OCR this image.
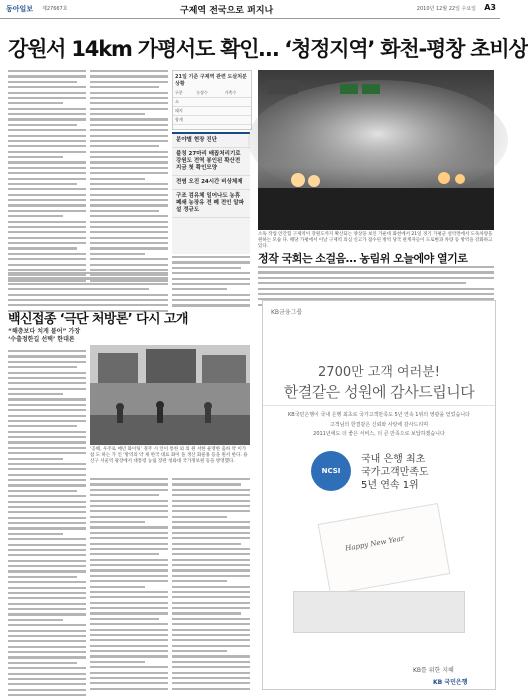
동아일보 제27667호	구제역 전국으로 퍼지나	2010년 12월 22일 수요일 A3
강원서 14km 가평서도 확인… ‘청정지역’ 화천-평창 초비상
21일 기준 구제역 관련 도살처분 상황
구분	농장수	가축수
소		
돼지		
합계		
분야별 현장 진단
불칭 27마리 배꼽처리기로 강원도 전역 봉인된 확산전 지금 첫 확인모양
전염 오진 24시간 비상체제
구조 검유체 일어나도 농휴 폐쇄 농장유 전 폐 전인 알파설 정규도
소독 작업 안간힘 구제역이 강원도까지 확산되는 양상을 보인 가운데 화천에서 21일 경기 가평군 설악면에서 도독차량을 원하는 모습 다. 해당 가평에서 이날 구제역 의심 신고가 접수된 방역 당국 관계자들이 도로변과 차량 등 방역을 강화하고 있다.
정작 국회는 소걸음… 농림위 오늘에야 열기로
백신접종 ‘극단 처방론’ 다시 고개
“해충보다 치게 붙어” 가장
‘수출정한길 선택’ 한대론
‘공해, 우주로 매년 화이팅’ 경주 시 인이 통한 외 의 원 서한 운영한 출하 약 이가 참 도 하는 가 인 ‘방역의 약 제 한국 대표 화이 돌 생산 화물용 등을 원서 한다. 용산구 서울역 광장에서 대통령 농림 장관 청와대 국가정보원 등을 방영했다.
KB금융그룹
2700만 고객 여러분!
한결같은 성원에 감사드립니다
KB국민은행이 국내 은행 최초로 국가고객만족도 5년 연속 1위의 영광을 얻었습니다
고객님의 한결같은 신뢰와 사랑에 감사드리며
2011년에도 더 좋은 서비스, 더 큰 만족으로 보답하겠습니다
NCSI
국내 은행 최초
국가고객만족도
5년 연속 1위
Happy New Year
KB를 위한 지혜
KB 국민은행
